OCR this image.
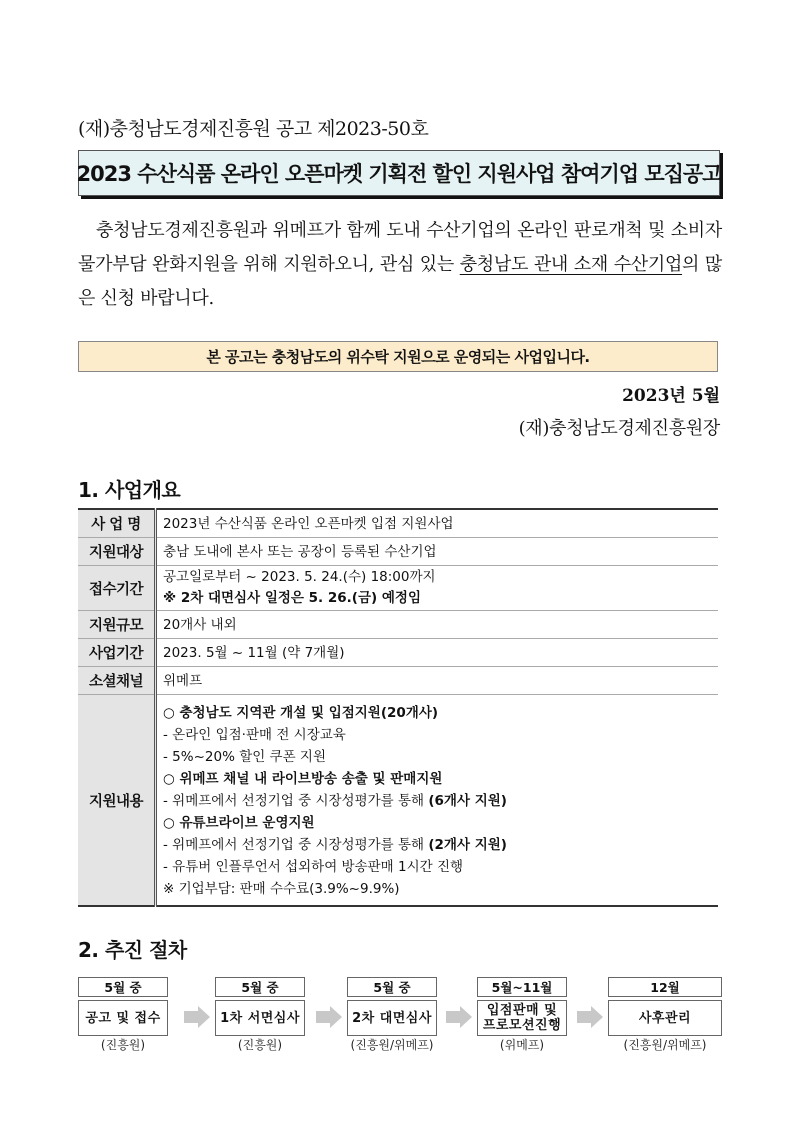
(재)충청남도경제진흥원 공고 제2023-50호
2023 수산식품 온라인 오픈마켓 기획전 할인 지원사업 참여기업 모집공고
충청남도경제진흥원과 위메프가 함께 도내 수산기업의 온라인 판로개척 및 소비자 물가부담 완화지원을 위해 지원하오니, 관심 있는 충청남도 관내 소재 수산기업의 많은 신청 바랍니다.
본 공고는 충청남도의 위수탁 지원으로 운영되는 사업입니다.
2023년 5월
(재)충청남도경제진흥원장
1. 사업개요
사 업 명	2023년 수산식품 온라인 오픈마켓 입점 지원사업

지원대상	충남 도내에 본사 또는 공장이 등록된 수산기업

접수기간	공고일로부터 ~ 2023. 5. 24.(수) 18:00까지
※ 2차 대면심사 일정은 5. 26.(금) 예정임

지원규모	20개사 내외

사업기간	2023. 5월 ~ 11월 (약 7개월)

소셜채널	위메프

지원내용	
○ 충청남도 지역관 개설 및 입점지원(20개사)
- 온라인 입점·판매 전 시장교육
- 5%~20% 할인 쿠폰 지원
○ 위메프 채널 내 라이브방송 송출 및 판매지원
- 위메프에서 선정기업 중 시장성평가를 통해 (6개사 지원)
○ 유튜브라이브 운영지원
- 위메프에서 선정기업 중 시장성평가를 통해 (2개사 지원)
- 유튜버 인플루언서 섭외하여 방송판매 1시간 진행
※ 기업부담: 판매 수수료(3.9%~9.9%)
2. 추진 절차
5월 중
공고 및 접수
(진흥원)
5월 중
1차 서면심사
(진흥원)
5월 중
2차 대면심사
(진흥원/위메프)
5월~11월
입점판매 및
프로모션진행
(위메프)
12월
사후관리
(진흥원/위메프)
